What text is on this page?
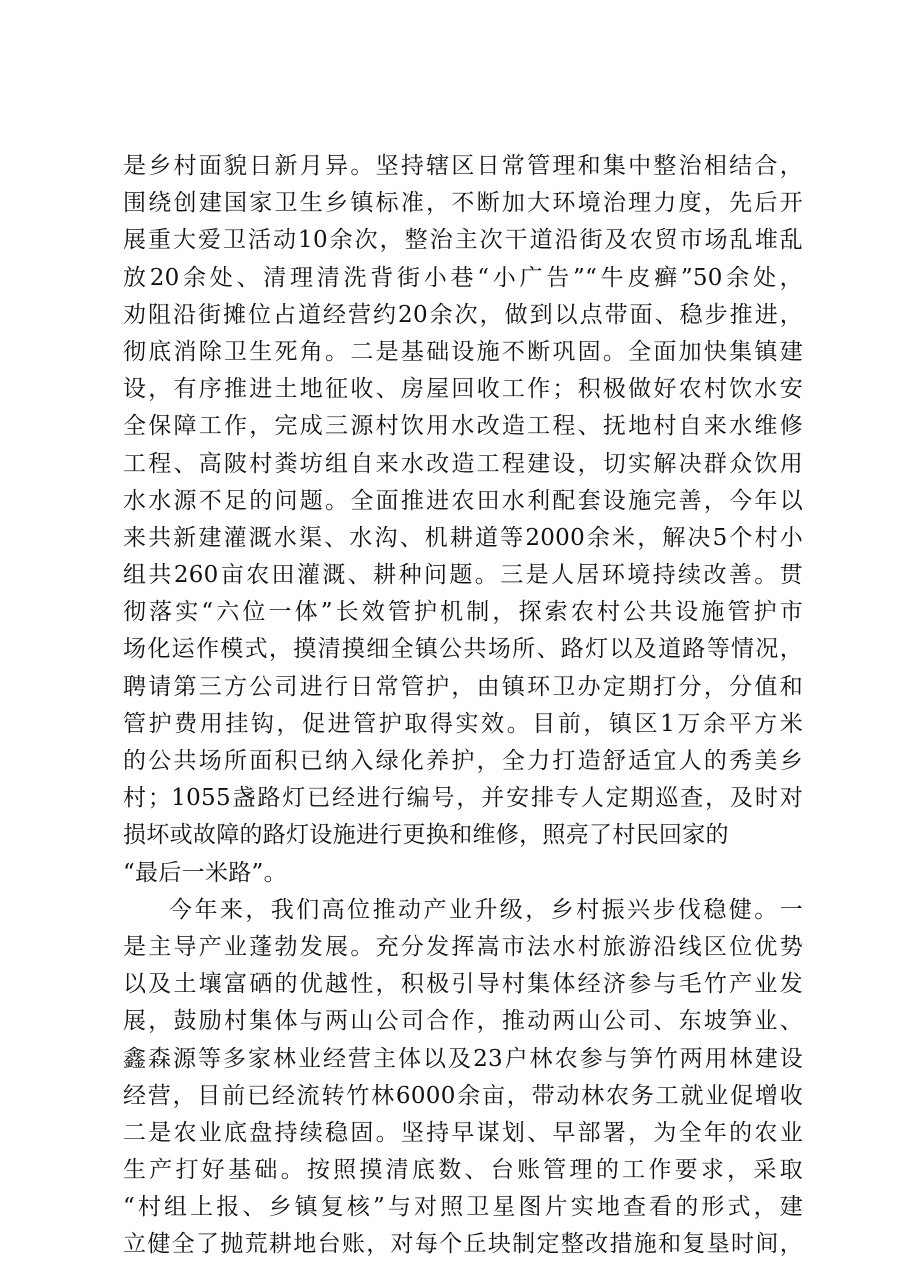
是乡村面貌日新月异。坚持辖区日常管理和集中整治相结合，
围绕创建国家卫生乡镇标准，不断加大环境治理力度，先后开
展重大爱卫活动10余次，整治主次干道沿街及农贸市场乱堆乱
放20余处、清理清洗背街小巷“小广告”“牛皮癣”50余处，
劝阻沿街摊位占道经营约20余次，做到以点带面、稳步推进，
彻底消除卫生死角。二是基础设施不断巩固。全面加快集镇建
设，有序推进土地征收、房屋回收工作；积极做好农村饮水安
全保障工作，完成三源村饮用水改造工程、抚地村自来水维修
工程、高陂村粪坊组自来水改造工程建设，切实解决群众饮用
水水源不足的问题。全面推进农田水利配套设施完善，今年以
来共新建灌溉水渠、水沟、机耕道等2000余米，解决5个村小
组共260亩农田灌溉、耕种问题。三是人居环境持续改善。贯
彻落实“六位一体”长效管护机制，探索农村公共设施管护市
场化运作模式，摸清摸细全镇公共场所、路灯以及道路等情况，
聘请第三方公司进行日常管护，由镇环卫办定期打分，分值和
管护费用挂钩，促进管护取得实效。目前，镇区1万余平方米
的公共场所面积已纳入绿化养护，全力打造舒适宜人的秀美乡
村；1055盏路灯已经进行编号，并安排专人定期巡查，及时对
损坏或故障的路灯设施进行更换和维修，照亮了村民回家的
“最后一米路”。
今年来，我们高位推动产业升级，乡村振兴步伐稳健。一
是主导产业蓬勃发展。充分发挥嵩市法水村旅游沿线区位优势
以及土壤富硒的优越性，积极引导村集体经济参与毛竹产业发
展，鼓励村集体与两山公司合作，推动两山公司、东坡笋业、
鑫森源等多家林业经营主体以及23户林农参与笋竹两用林建设
经营，目前已经流转竹林6000余亩，带动林农务工就业促增收
二是农业底盘持续稳固。坚持早谋划、早部署，为全年的农业
生产打好基础。按照摸清底数、台账管理的工作要求，采取
“村组上报、乡镇复核”与对照卫星图片实地查看的形式，建
立健全了抛荒耕地台账，对每个丘块制定整改措施和复垦时间，
